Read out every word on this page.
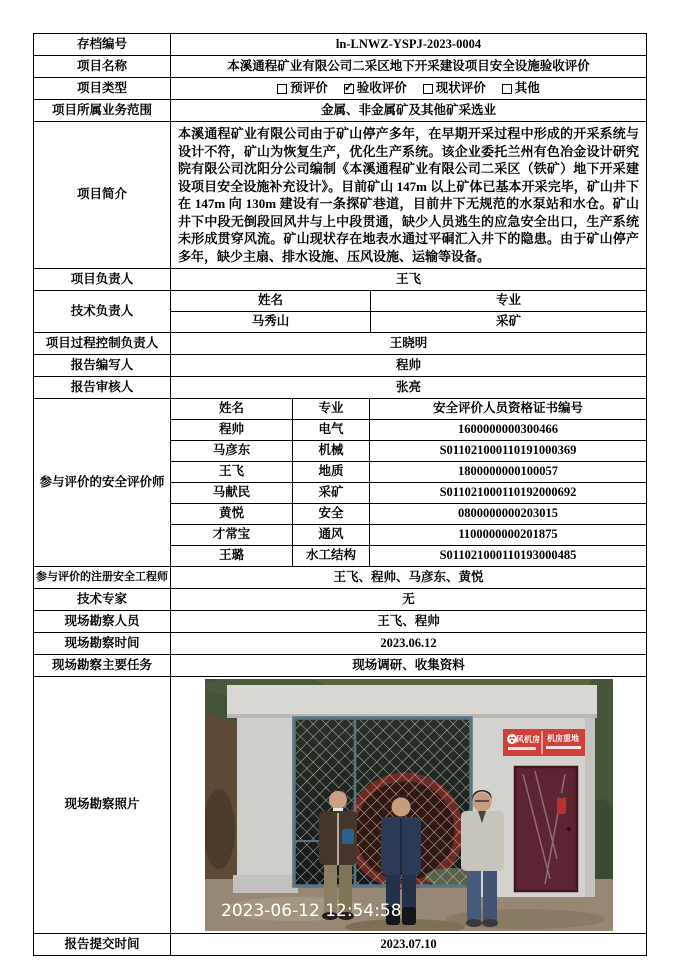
存档编号	ln-LNWZ-YSPJ-2023-0004
项目名称	本溪通程矿业有限公司二采区地下开采建设项目安全设施验收评价
项目类型	预评价 ✓ 验收评价 现状评价 其他
项目所属业务范围	金属、非金属矿及其他矿采选业
项目简介
本溪通程矿业有限公司由于矿山停产多年，在早期开采过程中形成的开采系统与设计不符，矿山为恢复生产，优化生产系统。该企业委托兰州有色冶金设计研究院有限公司沈阳分公司编制《本溪通程矿业有限公司二采区（铁矿）地下开采建设项目安全设施补充设计》。目前矿山 147m 以上矿体已基本开采完毕，矿山井下在 147m 向 130m 建设有一条探矿巷道，目前井下无规范的水泵站和水仓。矿山井下中段无倒段回风井与上中段贯通，缺少人员逃生的应急安全出口，生产系统未形成贯穿风流。矿山现状存在地表水通过平硐汇入井下的隐患。由于矿山停产多年，缺少主扇、排水设施、压风设施、运输等设备。
项目负责人	王飞
技术负责人
姓名	专业
马秀山	采矿
项目过程控制负责人	王晓明
报告编写人	程帅
报告审核人	张亮
参与评价的安全评价师
姓名	专业	安全评价人员资格证书编号
程帅	电气	1600000000300466
马彦东	机械	S011021000110191000369
王飞	地质	1800000000100057
马献民	采矿	S011021000110192000692
黄悦	安全	0800000000203015
才常宝	通风	1100000000201875
王璐	水工结构	S011021000110193000485
参与评价的注册安全工程师	王飞、程帅、马彦东、黄悦
技术专家	无
现场勘察人员	王飞、程帅
现场勘察时间	2023.06.12
现场勘察主要任务	现场调研、收集资料
现场勘察照片
风机房 机房重地
2023-06-12 12:54:58
报告提交时间	2023.07.10
